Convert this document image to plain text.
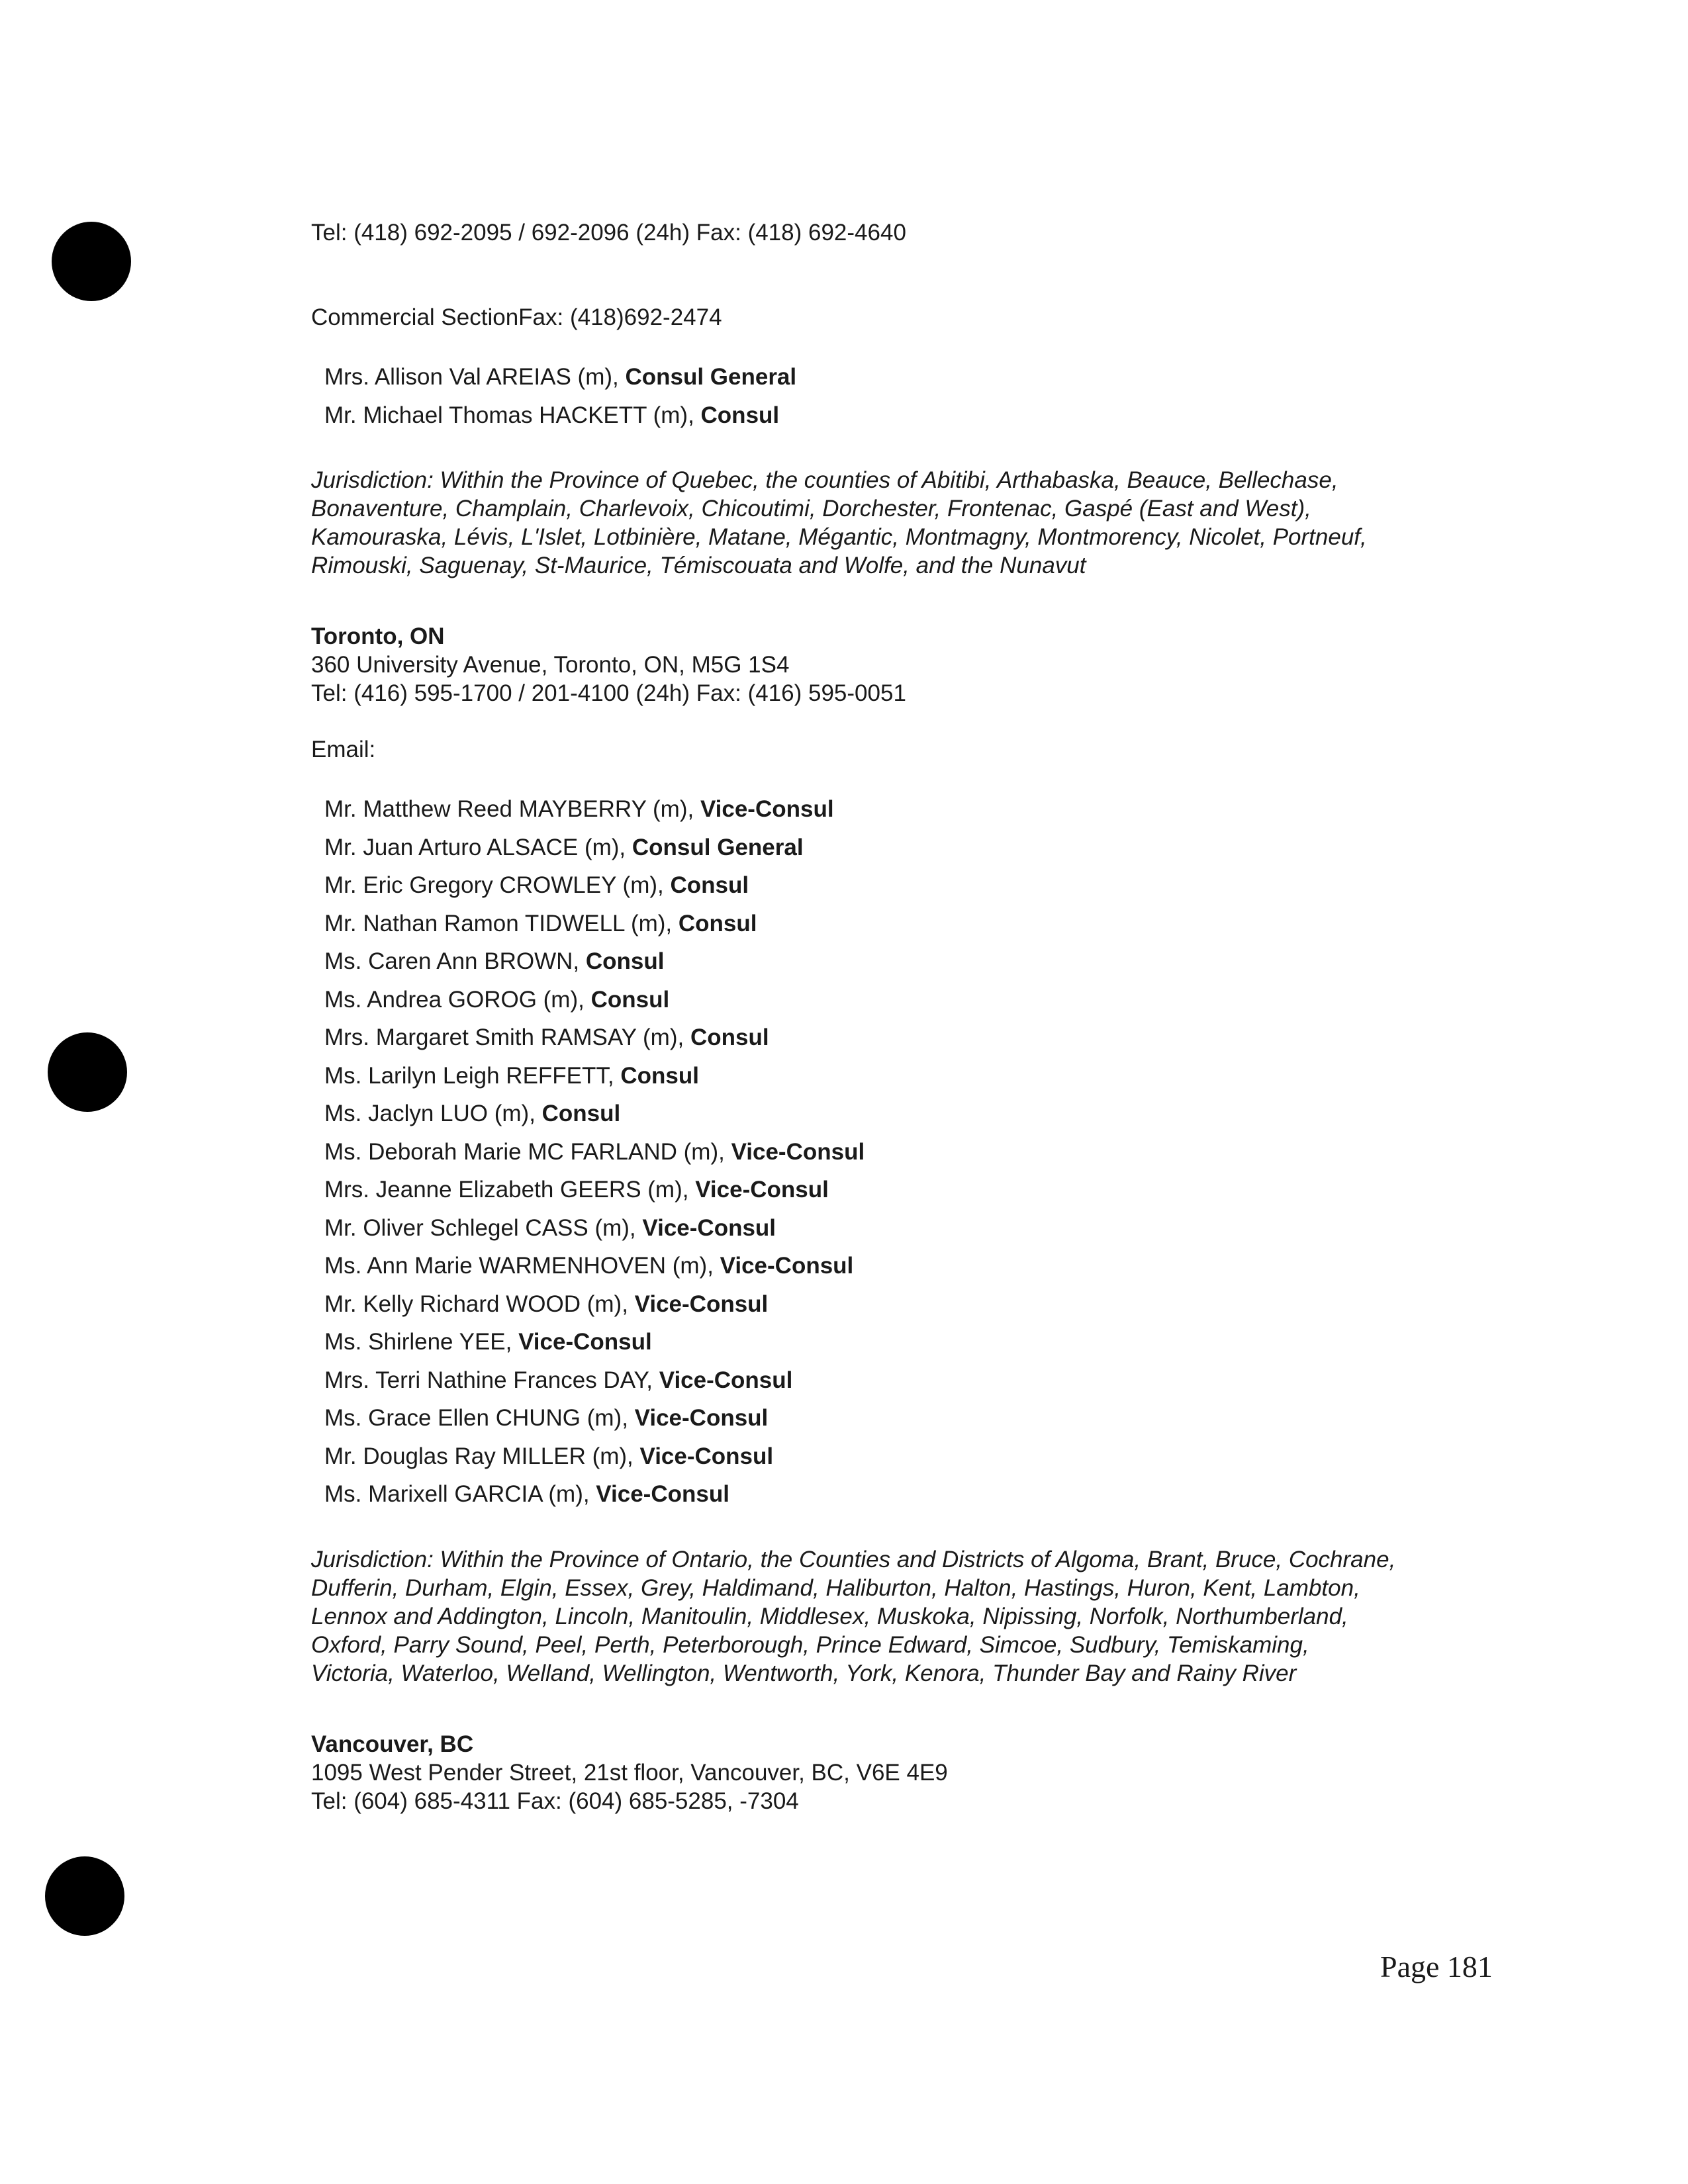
Tel: (418) 692-2095 / 692-2096 (24h) Fax: (418) 692-4640
Commercial SectionFax: (418)692-2474
Mrs. Allison Val AREIAS (m), Consul General
Mr. Michael Thomas HACKETT (m), Consul
Jurisdiction: Within the Province of Quebec, the counties of Abitibi, Arthabaska, Beauce, Bellechase, Bonaventure, Champlain, Charlevoix, Chicoutimi, Dorchester, Frontenac, Gaspé (East and West), Kamouraska, Lévis, L'Islet, Lotbinière, Matane, Mégantic, Montmagny, Montmorency, Nicolet, Portneuf, Rimouski, Saguenay, St-Maurice, Témiscouata and Wolfe, and the Nunavut
Toronto, ON
360 University Avenue, Toronto, ON, M5G 1S4
Tel: (416) 595-1700 / 201-4100 (24h) Fax: (416) 595-0051
Email:
Mr. Matthew Reed MAYBERRY (m), Vice-Consul
Mr. Juan Arturo ALSACE (m), Consul General
Mr. Eric Gregory CROWLEY (m), Consul
Mr. Nathan Ramon TIDWELL (m), Consul
Ms. Caren Ann BROWN, Consul
Ms. Andrea GOROG (m), Consul
Mrs. Margaret Smith RAMSAY (m), Consul
Ms. Larilyn Leigh REFFETT, Consul
Ms. Jaclyn LUO (m), Consul
Ms. Deborah Marie MC FARLAND (m), Vice-Consul
Mrs. Jeanne Elizabeth GEERS (m), Vice-Consul
Mr. Oliver Schlegel CASS (m), Vice-Consul
Ms. Ann Marie WARMENHOVEN (m), Vice-Consul
Mr. Kelly Richard WOOD (m), Vice-Consul
Ms. Shirlene YEE, Vice-Consul
Mrs. Terri Nathine Frances DAY, Vice-Consul
Ms. Grace Ellen CHUNG (m), Vice-Consul
Mr. Douglas Ray MILLER (m), Vice-Consul
Ms. Marixell GARCIA (m), Vice-Consul
Jurisdiction: Within the Province of Ontario, the Counties and Districts of Algoma, Brant, Bruce, Cochrane, Dufferin, Durham, Elgin, Essex, Grey, Haldimand, Haliburton, Halton, Hastings, Huron, Kent, Lambton, Lennox and Addington, Lincoln, Manitoulin, Middlesex, Muskoka, Nipissing, Norfolk, Northumberland, Oxford, Parry Sound, Peel, Perth, Peterborough, Prince Edward, Simcoe, Sudbury, Temiskaming, Victoria, Waterloo, Welland, Wellington, Wentworth, York, Kenora, Thunder Bay and Rainy River
Vancouver, BC
1095 West Pender Street, 21st floor, Vancouver, BC, V6E 4E9
Tel: (604) 685-4311 Fax: (604) 685-5285, -7304
Page 181
